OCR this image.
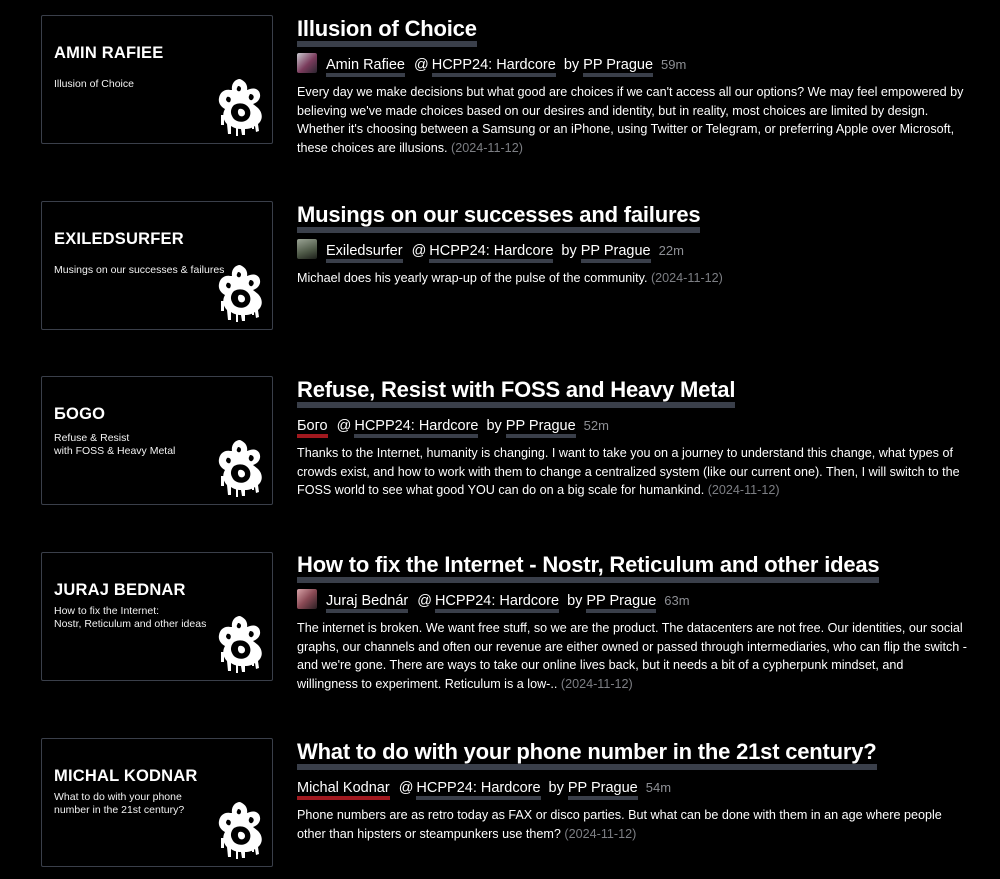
AMIN RAFIEE
Illusion of Choice
Illusion of Choice
Amin Rafiee @ HCPP24: Hardcore by PP Prague 59m
Every day we make decisions but what good are choices if we can't access all our options? We may feel empowered by believing we've made choices based on our desires and identity, but in reality, most choices are limited by design. Whether it's choosing between a Samsung or an iPhone, using Twitter or Telegram, or preferring Apple over Microsoft, these choices are illusions. (2024-11-12)
EXILEDSURFER
Musings on our successes & failures
Musings on our successes and failures
Exiledsurfer @ HCPP24: Hardcore by PP Prague 22m
Michael does his yearly wrap-up of the pulse of the community. (2024-11-12)
БОGO
Refuse & Resist
with FOSS & Heavy Metal
Refuse, Resist with FOSS and Heavy Metal
Бого @ HCPP24: Hardcore by PP Prague 52m
Thanks to the Internet, humanity is changing. I want to take you on a journey to understand this change, what types of crowds exist, and how to work with them to change a centralized system (like our current one). Then, I will switch to the FOSS world to see what good YOU can do on a big scale for humankind. (2024-11-12)
JURAJ BEDNAR
How to fix the Internet:
Nostr, Reticulum and other ideas
How to fix the Internet - Nostr, Reticulum and other ideas
Juraj Bednár @ HCPP24: Hardcore by PP Prague 63m
The internet is broken. We want free stuff, so we are the product. The datacenters are not free. Our identities, our social graphs, our channels and often our revenue are either owned or passed through intermediaries, who can flip the switch - and we're gone. There are ways to take our online lives back, but it needs a bit of a cypherpunk mindset, and willingness to experiment. Reticulum is a low-.. (2024-11-12)
MICHAL KODNAR
What to do with your phone
number in the 21st century?
What to do with your phone number in the 21st century?
Michal Kodnar @ HCPP24: Hardcore by PP Prague 54m
Phone numbers are as retro today as FAX or disco parties. But what can be done with them in an age where people other than hipsters or steampunkers use them? (2024-11-12)
